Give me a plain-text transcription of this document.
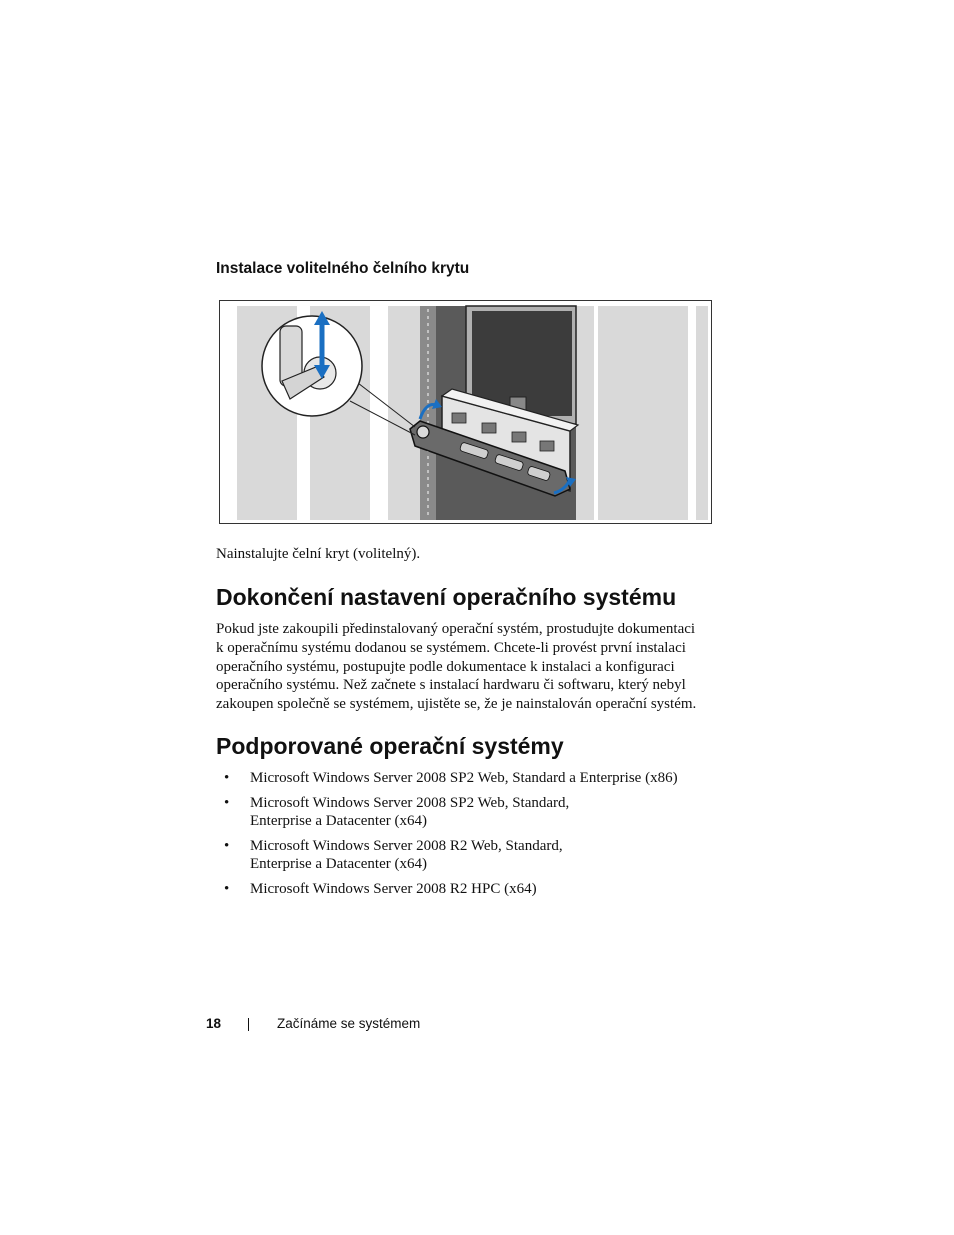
Instalace volitelného čelního krytu

Nainstalujte čelní kryt (volitelný).

Dokončení nastavení operačního systému

Pokud jste zakoupili předinstalovaný operační systém, prostudujte dokumentaci
k operačnímu systému dodanou se systémem. Chcete-li provést první instalaci
operačního systému, postupujte podle dokumentace k instalaci a konfiguraci
operačního systému. Než začnete s instalací hardwaru či softwaru, který nebyl
zakoupen společně se systémem, ujistěte se, že je nainstalován operační systém.

Podporované operační systémy
• Microsoft Windows Server 2008 SP2 Web, Standard a Enterprise (x86)
• Microsoft Windows Server 2008 SP2 Web, Standard,
Enterprise a Datacenter (x64)
• Microsoft Windows Server 2008 R2 Web, Standard,
Enterprise a Datacenter (x64)
• Microsoft Windows Server 2008 R2 HPC (x64)
18	Začínáme se systémem
